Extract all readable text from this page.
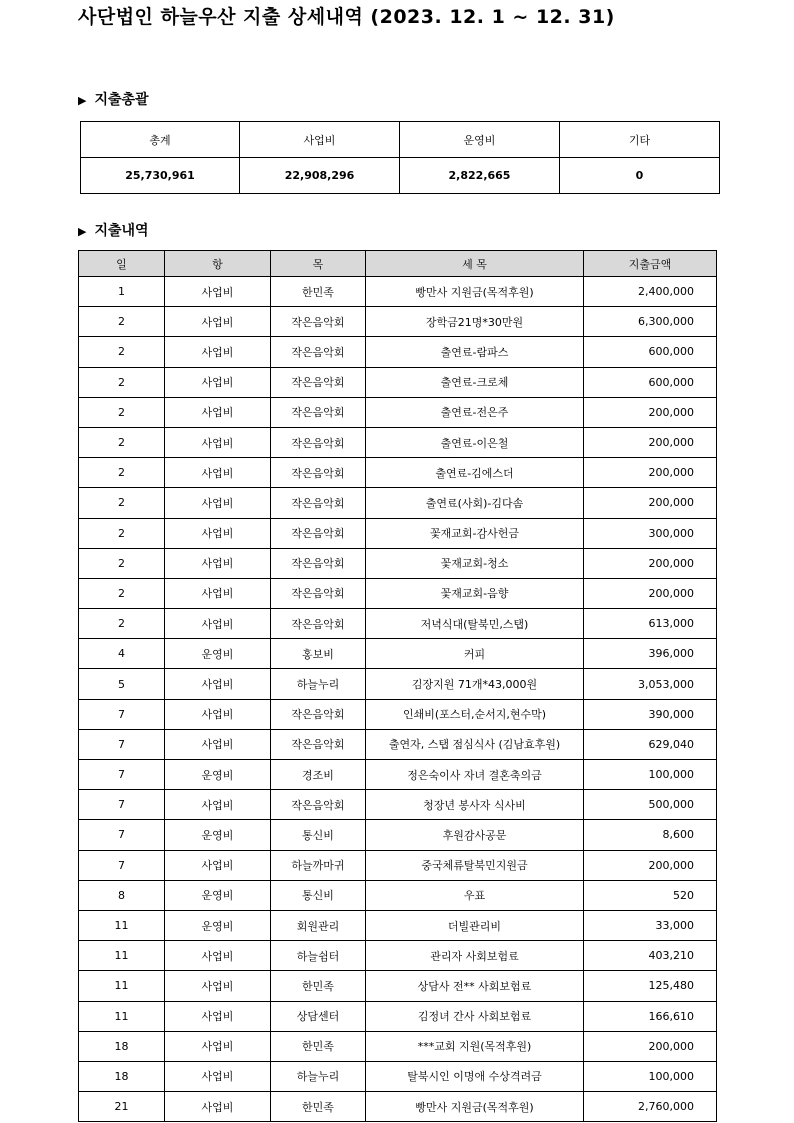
사단법인 하늘우산 지출 상세내역 (2023. 12. 1 ~ 12. 31)
▶ 지출총괄
총계	사업비	운영비	기타
25,730,961	22,908,296	2,822,665	0
▶ 지출내역
일	항	목	세 목	지출금액
1	사업비	한민족	빵만사 지원금(목적후원)	2,400,000
2	사업비	작은음악회	장학금21명*30만원	6,300,000
2	사업비	작은음악회	출연료-람파스	600,000
2	사업비	작은음악회	출연료-크로체	600,000
2	사업비	작은음악회	출연료-전은주	200,000
2	사업비	작은음악회	출연료-이은철	200,000
2	사업비	작은음악회	출연료-김에스더	200,000
2	사업비	작은음악회	출연료(사회)-김다솜	200,000
2	사업비	작은음악회	꽃재교회-감사헌금	300,000
2	사업비	작은음악회	꽃재교회-청소	200,000
2	사업비	작은음악회	꽃재교회-음향	200,000
2	사업비	작은음악회	저녁식대(탈북민,스탭)	613,000
4	운영비	홍보비	커피	396,000
5	사업비	하늘누리	김장지원 71개*43,000원	3,053,000
7	사업비	작은음악회	인쇄비(포스터,순서지,현수막)	390,000
7	사업비	작은음악회	출연자, 스탭 점심식사 (김남효후원)	629,040
7	운영비	경조비	정은숙이사 자녀 결혼축의금	100,000
7	사업비	작은음악회	청장년 봉사자 식사비	500,000
7	운영비	통신비	후원감사공문	8,600
7	사업비	하늘까마귀	중국체류탈북민지원금	200,000
8	운영비	통신비	우표	520
11	운영비	회원관리	더빌관리비	33,000
11	사업비	하늘쉼터	관리자 사회보험료	403,210
11	사업비	한민족	상담사 전** 사회보험료	125,480
11	사업비	상담센터	김정녀 간사 사회보험료	166,610
18	사업비	한민족	***교회 지원(목적후원)	200,000
18	사업비	하늘누리	탈북시인 이명애 수상격려금	100,000
21	사업비	한민족	빵만사 지원금(목적후원)	2,760,000
